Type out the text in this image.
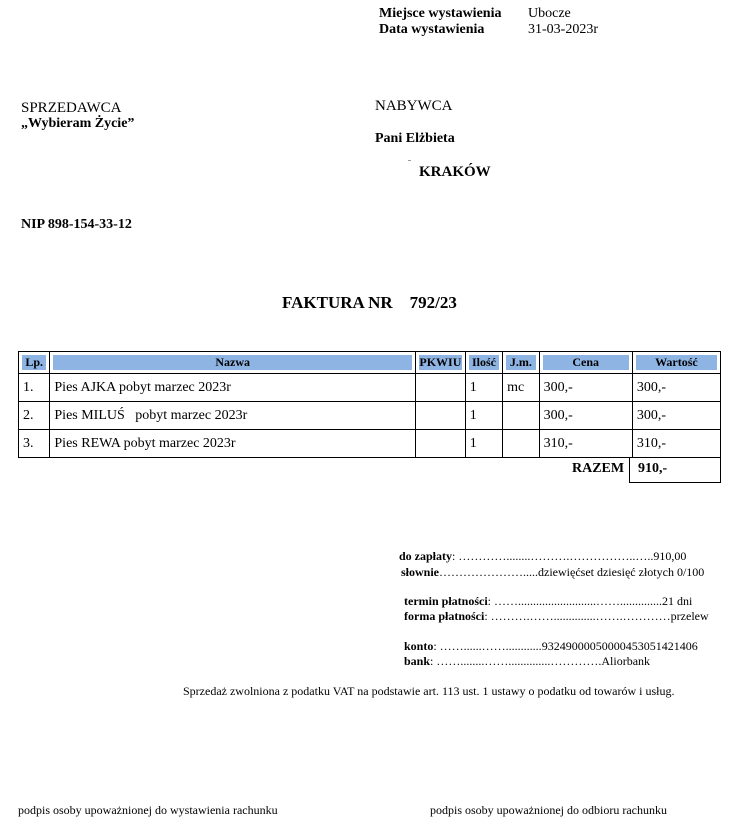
Miejsce wystawienia Ubocze
Data wystawienia	31-03-2023r
SPRZEDAWCA
„Wybieram Życie”
NIP 898-154-33-12
NABYWCA
Pani Elżbieta
KRAKÓW
FAKTURA NR    792/23
Lp.	Nazwa	PKWIU	Ilość	J.m.	Cena	Wartość

1.	Pies AJKA pobyt marzec 2023r		1	mc	300,-	300,-
2.	Pies MILUŚ   pobyt marzec 2023r		1		300,-	300,-
3.	Pies REWA pobyt marzec 2023r		1		310,-	310,-
RAZEM 910,-
do zapłaty: …………........……….……………..…..910,00
słownie………………….....dziewięćset dziesięć złotych 0/100
termin płatności: ……..........................……..............21 dni
forma płatności: ……….……..............…….…………przelew
konto: ……......……............93249000050000453051421406
bank: ……........……..............………….Aliorbank
Sprzedaż zwolniona z podatku VAT na podstawie art. 113 ust. 1 ustawy o podatku od towarów i usług.
podpis osoby upoważnionej do wystawienia rachunku	podpis osoby upoważnionej do odbioru rachunku
